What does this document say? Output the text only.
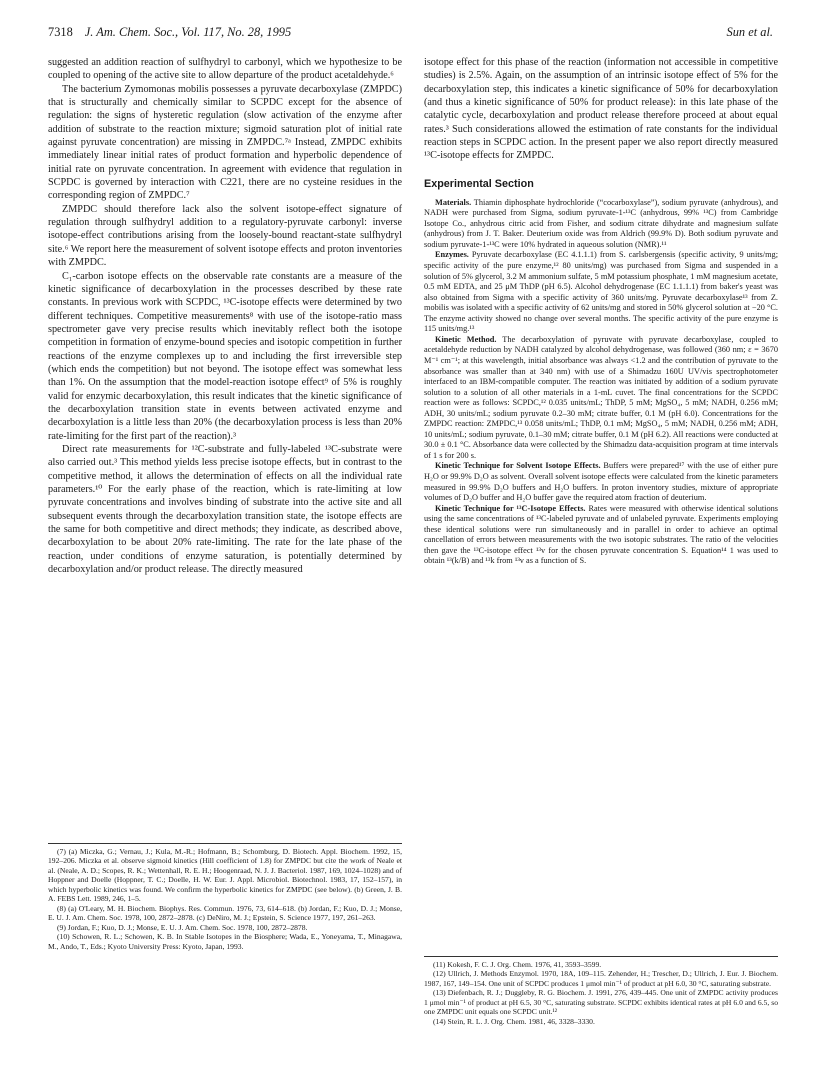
7318 J. Am. Chem. Soc., Vol. 117, No. 28, 1995	Sun et al.

suggested an addition reaction of sulfhydryl to carbonyl, which we hypothesize to be coupled to opening of the active site to allow departure of the product acetaldehyde.⁶

The bacterium Zymomonas mobilis possesses a pyruvate decarboxylase (ZMPDC) that is structurally and chemically similar to SCPDC except for the absence of regulation: the signs of hysteretic regulation (slow activation of the enzyme after addition of substrate to the reaction mixture; sigmoid saturation plot of initial rate against pyruvate concentration) are missing in ZMPDC.⁷ᵃ Instead, ZMPDC exhibits immediately linear initial rates of product formation and hyperbolic dependence of initial rate on pyruvate concentration. In agreement with evidence that regulation in SCPDC is governed by interaction with C221, there are no cysteine residues in the corresponding region of ZMPDC.⁷

ZMPDC should therefore lack also the solvent isotope-effect signature of regulation through sulfhydryl addition to a regulatory-pyruvate carbonyl: inverse isotope-effect contributions arising from the loosely-bound reactant-state sulfhydryl site.⁶ We report here the measurement of solvent isotope effects and proton inventories with ZMPDC.

C₁-carbon isotope effects on the observable rate constants are a measure of the kinetic significance of decarboxylation in the processes described by these rate constants. In previous work with SCPDC, ¹³C-isotope effects were determined by two different techniques. Competitive measurements⁸ with use of the isotope-ratio mass spectrometer gave very precise results which inevitably reflect both the isotope competition in formation of enzyme-bound species and isotopic competition in further reactions of the enzyme complexes up to and including the first irreversible step (which ends the competition) but not beyond. The isotope effect was somewhat less than 1%. On the assumption that the model-reaction isotope effect⁹ of 5% is roughly valid for enzymic decarboxylation, this result indicates that the kinetic significance of the decarboxylation transition state in events between activated enzyme and decarboxylation is a little less than 20% (the decarboxylation process is less than 20% rate-limiting for the first part of the reaction).³

Direct rate measurements for ¹²C-substrate and fully-labeled ¹³C-substrate were also carried out.³ This method yields less precise isotope effects, but in contrast to the competitive method, it allows the determination of effects on all the individual rate parameters.¹⁰ For the early phase of the reaction, which is rate-limiting at low pyruvate concentrations and involves binding of substrate into the active site and all subsequent events through the decarboxylation transition state, the isotope effects are the same for both competitive and direct methods; they indicate, as described above, decarboxylation to be about 20% rate-limiting. The rate for the late phase of the reaction, under conditions of enzyme saturation, is potentially determined by decarboxylation and/or product release. The directly measured

(7) (a) Miczka, G.; Vernau, J.; Kula, M.-R.; Hofmann, B.; Schomburg, D. Biotech. Appl. Biochem. 1992, 15, 192–206. Miczka et al. observe sigmoid kinetics (Hill coefficient of 1.8) for ZMPDC but cite the work of Neale et al. (Neale, A. D.; Scopes, R. K.; Wettenhall, R. E. H.; Hoogenraad, N. J. J. Bacteriol. 1987, 169, 1024–1028) and of Hoppner and Doelle (Hoppner, T. C.; Doelle, H. W. Eur. J. Appl. Microbiol. Biotechnol. 1983, 17, 152–157), in which hyperbolic kinetics was found. We confirm the hyperbolic kinetics for ZMPDC (see below). (b) Green, J. B. A. FEBS Lett. 1989, 246, 1–5.

(8) (a) O'Leary, M. H. Biochem. Biophys. Res. Commun. 1976, 73, 614–618. (b) Jordan, F.; Kuo, D. J.; Monse, E. U. J. Am. Chem. Soc. 1978, 100, 2872–2878. (c) DeNiro, M. J.; Epstein, S. Science 1977, 197, 261–263.

(9) Jordan, F.; Kuo, D. J.; Monse, E. U. J. Am. Chem. Soc. 1978, 100, 2872–2878.

(10) Schowen, R. L.; Schowen, K. B. In Stable Isotopes in the Biosphere; Wada, E., Yoneyama, T., Minagawa, M., Ando, T., Eds.; Kyoto University Press: Kyoto, Japan, 1993.

isotope effect for this phase of the reaction (information not accessible in competitive studies) is 2.5%. Again, on the assumption of an intrinsic isotope effect of 5% for the decarboxylation step, this indicates a kinetic significance of 50% for decarboxylation (and thus a kinetic significance of 50% for product release): in this late phase of the catalytic cycle, decarboxylation and product release therefore proceed at about equal rates.³ Such considerations allowed the estimation of rate constants for the individual reaction steps in SCPDC action. In the present paper we also report directly measured ¹³C-isotope effects for ZMPDC.

Experimental Section

Materials. Thiamin diphosphate hydrochloride (“cocarboxylase”), sodium pyruvate (anhydrous), and NADH were purchased from Sigma, sodium pyruvate-1-¹³C (anhydrous, 99% ¹³C) from Cambridge Isotope Co., anhydrous citric acid from Fisher, and sodium citrate dihydrate and magnesium sulfate (anhydrous) from J. T. Baker. Deuterium oxide was from Aldrich (99.9% D). Both sodium pyruvate and sodium pyruvate-1-¹³C were 10% hydrated in aqueous solution (NMR).¹¹

Enzymes. Pyruvate decarboxylase (EC 4.1.1.1) from S. carlsbergensis (specific activity, 9 units/mg; specific activity of the pure enzyme,¹² 80 units/mg) was purchased from Sigma and suspended in a solution of 5% glycerol, 3.2 M ammonium sulfate, 5 mM potassium phosphate, 1 mM magnesium acetate, 0.5 mM EDTA, and 25 μM ThDP (pH 6.5). Alcohol dehydrogenase (EC 1.1.1.1) from baker's yeast was also obtained from Sigma with a specific activity of 360 units/mg. Pyruvate decarboxylase¹³ from Z. mobilis was isolated with a specific activity of 62 units/mg and stored in 50% glycerol solution at −20 °C. The enzyme activity showed no change over several months. The specific activity of the pure enzyme is 115 units/mg.¹³

Kinetic Method. The decarboxylation of pyruvate with pyruvate decarboxylase, coupled to acetaldehyde reduction by NADH catalyzed by alcohol dehydrogenase, was followed (360 nm; ε = 3670 M⁻¹ cm⁻¹; at this wavelength, initial absorbance was always <1.2 and the contribution of pyruvate to the absorbance was smaller than at 340 nm) with use of a Shimadzu 160U UV/vis spectrophotometer interfaced to an IBM-compatible computer. The reaction was initiated by addition of a sodium pyruvate solution to a solution of all other materials in a 1-mL cuvet. The final concentrations for the SCPDC reaction were as follows: SCPDC,¹² 0.035 units/mL; ThDP, 5 mM; MgSO₄, 5 mM; NADH, 0.256 mM; ADH, 30 units/mL; sodium pyruvate 0.2–30 mM; citrate buffer, 0.1 M (pH 6.0). Concentrations for the ZMPDC reaction: ZMPDC,¹³ 0.058 units/mL; ThDP, 0.1 mM; MgSO₄, 5 mM; NADH, 0.256 mM; ADH, 10 units/mL; sodium pyruvate, 0.1–30 mM; citrate buffer, 0.1 M (pH 6.2). All reactions were conducted at 30.0 ± 0.1 °C. Absorbance data were collected by the Shimadzu data-acquisition program at time intervals of 1 s for 200 s.

Kinetic Technique for Solvent Isotope Effects. Buffers were prepared¹⁷ with the use of either pure H₂O or 99.9% D₂O as solvent. Overall solvent isotope effects were calculated from the kinetic parameters measured in 99.9% D₂O buffers and H₂O buffers. In proton inventory studies, mixture of appropriate volumes of D₂O buffer and H₂O buffer gave the required atom fraction of deuterium.

Kinetic Technique for ¹³C-Isotope Effects. Rates were measured with otherwise identical solutions using the same concentrations of ¹³C-labeled pyruvate and of unlabeled pyruvate. Experiments employing these identical solutions were run simultaneously and in parallel in order to achieve an optimal cancellation of errors between measurements with the two isotopic substrates. The ratio of the velocities then gave the ¹³C-isotope effect ¹³v for the chosen pyruvate concentration S. Equation¹⁴ 1 was used to obtain ¹³(k/B) and ¹³k from ¹³v as a function of S.

(11) Kokesh, F. C. J. Org. Chem. 1976, 41, 3593–3599.

(12) Ullrich, J. Methods Enzymol. 1970, 18A, 109–115. Zehender, H.; Trescher, D.; Ullrich, J. Eur. J. Biochem. 1987, 167, 149–154. One unit of SCPDC produces 1 μmol min⁻¹ of product at pH 6.0, 30 °C, saturating substrate.

(13) Diefenbach, R. J.; Duggleby, R. G. Biochem. J. 1991, 276, 439–445. One unit of ZMPDC activity produces 1 μmol min⁻¹ of product at pH 6.5, 30 °C, saturating substrate. SCPDC exhibits identical rates at pH 6.0 and 6.5, so one ZMPDC unit equals one SCPDC unit.¹²

(14) Stein, R. L. J. Org. Chem. 1981, 46, 3328–3330.
